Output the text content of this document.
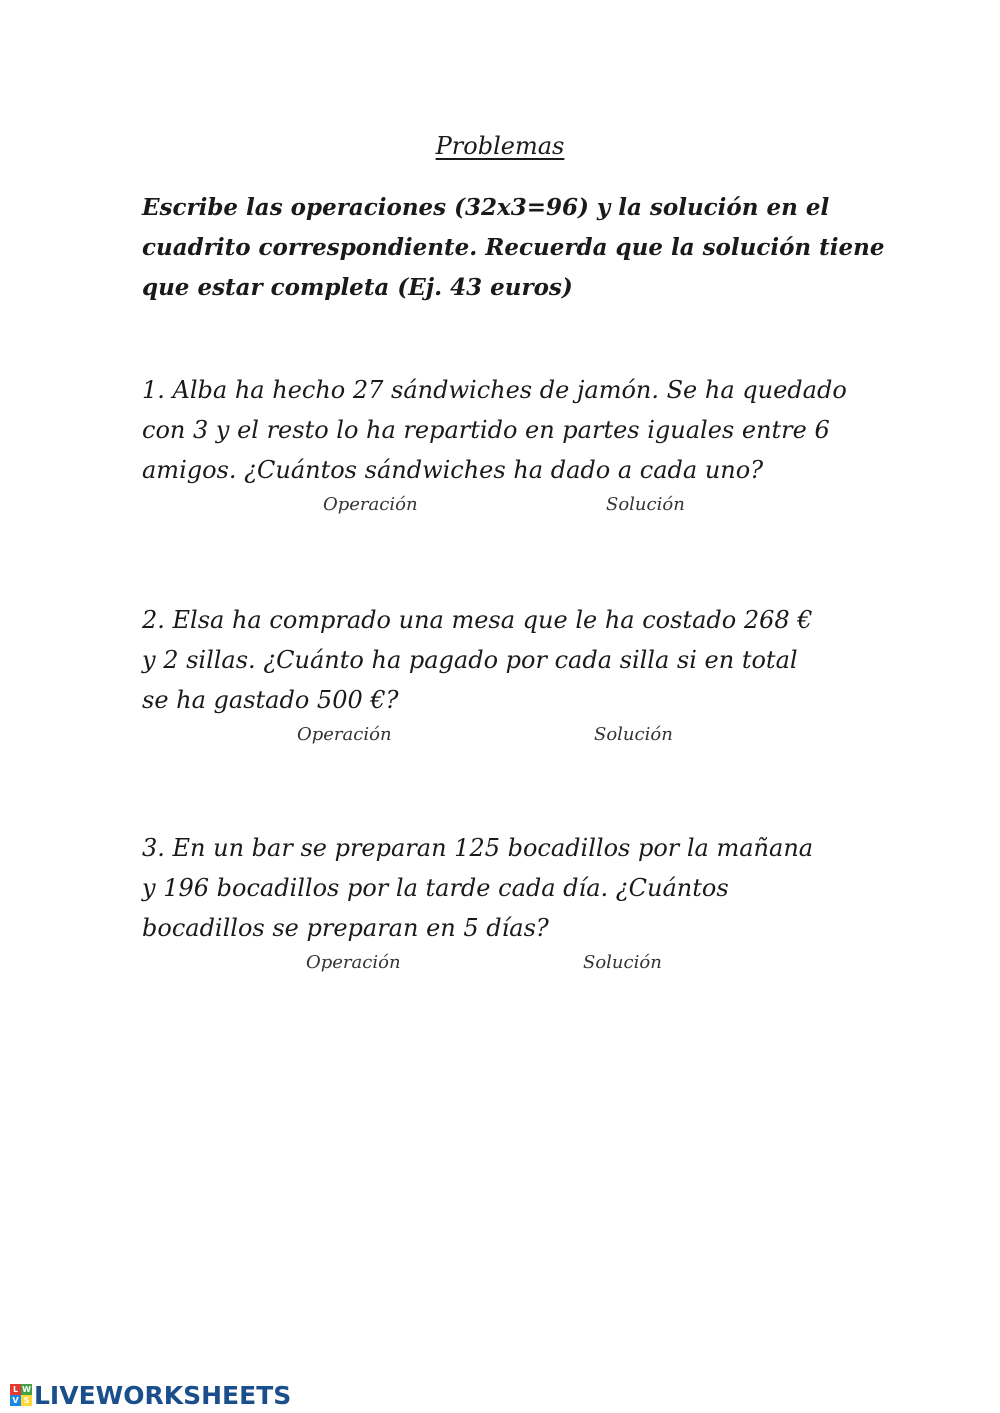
Problemas

Escribe las operaciones (32x3=96) y la solución en el

cuadrito correspondiente. Recuerda que la solución tiene

que estar completa (Ej. 43 euros)

1. Alba ha hecho 27 sándwiches de jamón. Se ha quedado

con 3 y el resto lo ha repartido en partes iguales entre 6

amigos. ¿Cuántos sándwiches ha dado a cada uno?

Operación	Solución

2. Elsa ha comprado una mesa que le ha costado 268 €

y 2 sillas. ¿Cuánto ha pagado por cada silla si en total

se ha gastado 500 €?

Operación	Solución

3. En un bar se preparan 125 bocadillos por la mañana

y 196 bocadillos por la tarde cada día. ¿Cuántos

bocadillos se preparan en 5 días?

Operación	Solución
L W
V S LIVEWORKSHEETS
